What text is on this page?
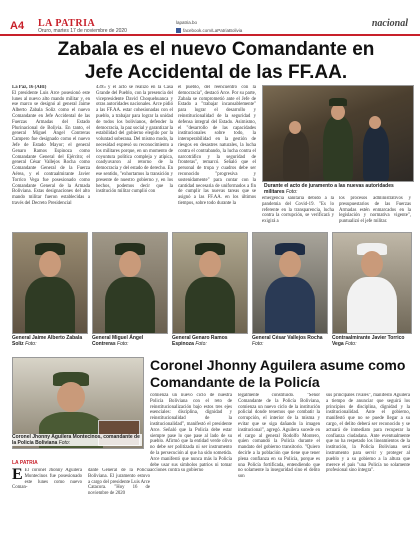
A4 LA PATRIA
Oruro, martes 17 de noviembre de 2020
lapatria.bo
facebook.com/LaPatriaBolivia
nacional
Zabala es el nuevo Comandante en Jefe Accidental de las FF.AA.
La Paz, 16 (ABI)
El presidente Luis Arce posesionó este lunes al nuevo alto mando militar y, en ese marco se designó al general Jaime Alberto Zabala Solíz como el nuevo Comandante en Jefe Accidental de las Fuerzas Armadas del Estado Plurinacional de Bolivia. En tanto, el general Miguel Ángel Contreras Campero fue designado como el nuevo Jefe de Estado Mayor; el general Genaro Ramos Espinoza como Comandante General del Ejército; el general César Vallejos Rocha como Comandante General de la Fuerza Aérea, y el contraalmirante Javier Torrico Vega fue posesionado como Comandante General de la Armada Boliviana. Estas designaciones del alto mando militar fueron establecidas a través del Decreto Presidencial
4395 y el acto se realizó en la Casa Grande del Pueblo, con la presencia del vicepresidente David Choquehuanca y otras autoridades nacionales. Arce pidió a las FF.AA. estar cohesionadas con el pueblo, a trabajar para lograr la unidad de todos los bolivianos, defender la democracia, la paz social y garantizar la estabilidad del gobierno elegido por la voluntad soberana. Del mismo modo, la necesidad expresó su reconocimiento a los militares porque, en un momento de coyuntura política compleja y atípica, coadyuvaron al retorno de la democracia y del estado de derecho. En ese sentido, "exhortamos la transición y presente de nuestro gobierno y, en los hechos, podemos decir que la institución militar cumplió con
el pueblo, del reencuentro con la democracia", destacó Arce. Por su parte, Zabala se comprometió ante el Jefe de Estado a "trabajar incansablemente" para lograr el desarrollo y reinstitucionalidad de la seguridad y defensa integral del Estado. Asimismo, el "desarrollo de las capacidades institucionales sobre todo, la interoperabilidad en la gestión de riesgos en desastres naturales, la lucha contra el contrabando, la lucha contra el narcotráfico y la seguridad de fronteras", remarcó. Señaló que el personal de tropa y cuadros debe ser reconocido "progresiva y sostenidamente" para contar con la cantidad necesaria de uniformados a fin de cumplir las nuevas tareas que se asignó a las FF.AA. en los últimos tiempos, sobre todo durante la
Durante el acto de juramento a las nuevas autoridades militares Foto:
emergencia sanitaria debido a la pandemia del Covid-19. "Es lo referente en la transparencia, lucha contra la corrupción, se verificará y exigirá a
los procesos administrativos y presupuestarios de las Fuerzas Armadas estén enmarcados en la legislación y normativa vigente", puntualizó el jefe militar.
General Jaime Alberto Zabala Solíz Foto:
General Miguel Ángel Contreras Foto:
General Genaro Ramos Espinoza Foto:
General César Vallejos Rocha Foto:
Contraalmirante Javier Torrico Vega Foto:
Coronel Jhonny Aguilera Montecinos, comandante de la Policía Boliviana Foto:
Coronel Jhonny Aguilera asume como Comandante de la Policía
LA PATRIA
E El coronel Jhonny Aguilera Montecinos fue posesionado este lunes como nuevo Coman-
dante General de la Policía Boliviana. El juramento estuvo a cargo del presidente Luis Arce Catacora. "Hoy 16 de noviembre de 2020
comienza un nuevo ciclo de nuestra Policía Boliviana con el reto de reinstitucionalización bajo estos tres ejes esenciales: disciplina, dignidad y reinstitucionalidad de la institucionalidad", manifestó el presidente Arce. Señaló que la Policía debe estar siempre pase lo que pase al lado de su pueblo. Afirmó que la entidad verde olivo no debe ser politizada ni ser instrumento de la persecución al que ha sido sometida. Arce manifestó que nunca más la Policía debe usar sus símbolos patrios ni tomar acciones contra su gobierno
legalmente constituido. "Señor Comandante de la Policía Boliviana, comienza un nuevo ciclo de la institución policial donde tenemos que combatir la corrupción, el interior de la misma y evitar que se siga dañando la imagen institucional", agregó. Aguilera sucede en el cargo al general Rodolfo Montero, quien comandó la Policía durante el mandato del gobierno transitorio. "Quiero decirle a la población que tiene que tener plena confianza en su Policía, porque es una Policía fortificada, entendiendo que no solamente la inseguridad sino el delito son
sus principales rivales", manifestó Aguilera a tiempo de anunciar que seguirá los principios de disciplina, dignidad y la institucionalidad. Ante el gobierno, manifestó que no se puede llegar a su cargo, el delito deberá ser reconocido y se actuará de inmediato para recuperar la confianza ciudadana. Ante eventualmente que no ha respetado los lineamientos de la institución, la Policía Boliviana será instrumento para servir y proteger al pueblo y a su gobierno a la altura que merece el país "una Policía no solamente profesional sino íntegra".
